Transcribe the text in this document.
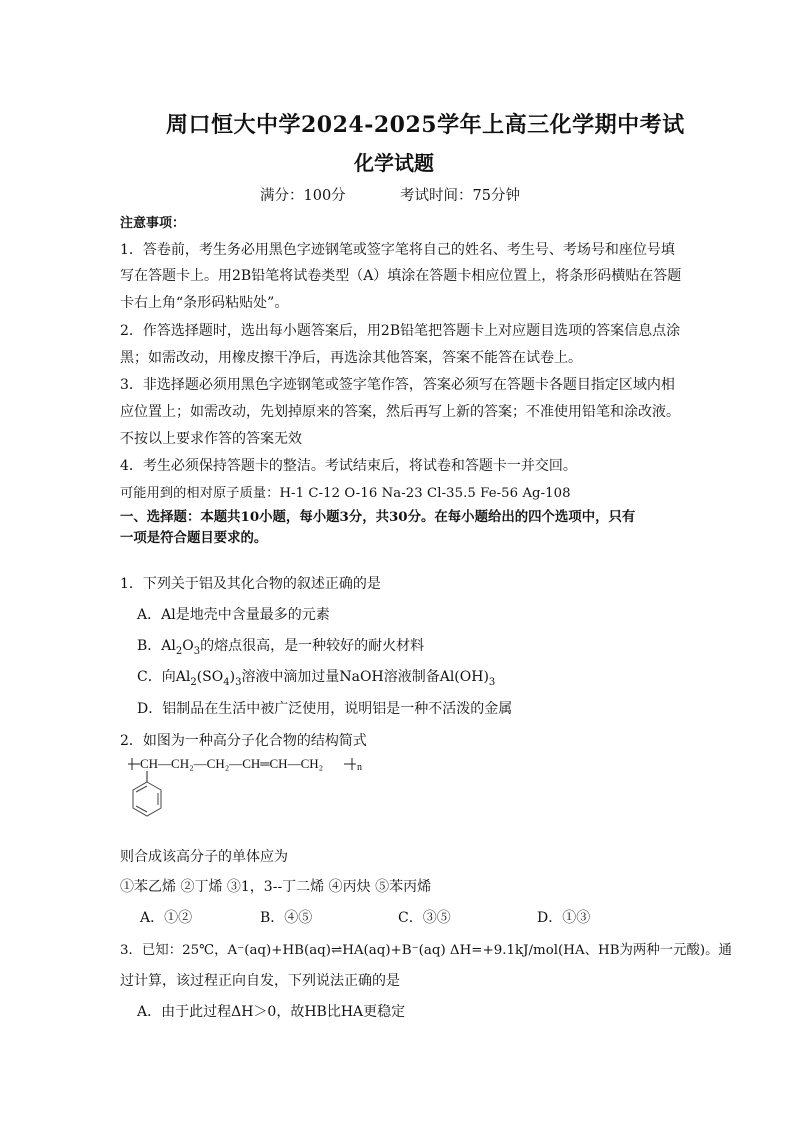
周口恒大中学2024-2025学年上高三化学期中考试
化学试题
满分：100分	考试时间：75分钟
注意事项：
1．答卷前，考生务必用黑色字迹钢笔或签字笔将自己的姓名、考生号、考场号和座位号填
写在答题卡上。用2B铅笔将试卷类型（A）填涂在答题卡相应位置上，将条形码横贴在答题
卡右上角“条形码粘贴处”。
2．作答选择题时，选出每小题答案后，用2B铅笔把答题卡上对应题目选项的答案信息点涂
黑；如需改动，用橡皮擦干净后，再选涂其他答案，答案不能答在试卷上。
3．非选择题必须用黑色字迹钢笔或签字笔作答，答案必须写在答题卡各题目指定区域内相
应位置上；如需改动，先划掉原来的答案，然后再写上新的答案；不准使用铅笔和涂改液。
不按以上要求作答的答案无效
4．考生必须保持答题卡的整洁。考试结束后，将试卷和答题卡一并交回。
可能用到的相对原子质量：H-1 C-12 O-16 Na-23 Cl-35.5 Fe-56 Ag-108
一、选择题：本题共10小题，每小题3分，共30分。在每小题给出的四个选项中，只有
一项是符合题目要求的。
1．下列关于铝及其化合物的叙述正确的是
A．Al是地壳中含量最多的元素
B．$Al_2O_3$的熔点很高，是一种较好的耐火材料
C．向$Al_2(SO_4)_3$溶液中滴加过量NaOH溶液制备$Al(OH)_3$
D．铝制品在生活中被广泛使用，说明铝是一种不活泼的金属
2．如图为一种高分子化合物的结构简式
CH—CH₂—CH₂—CH═CH—CH₂	n
则合成该高分子的单体应为
①苯乙烯 ②丁烯 ③1，3--丁二烯 ④丙炔 ⑤苯丙烯
A．①②	B．④⑤	C．③⑤	D．①③
3．已知：25℃，A⁻(aq)+HB(aq)⇌HA(aq)+B⁻(aq) ΔH=+9.1kJ/mol(HA、HB为两种一元酸)。通
过计算，该过程正向自发，下列说法正确的是
A．由于此过程ΔH＞0，故HB比HA更稳定
